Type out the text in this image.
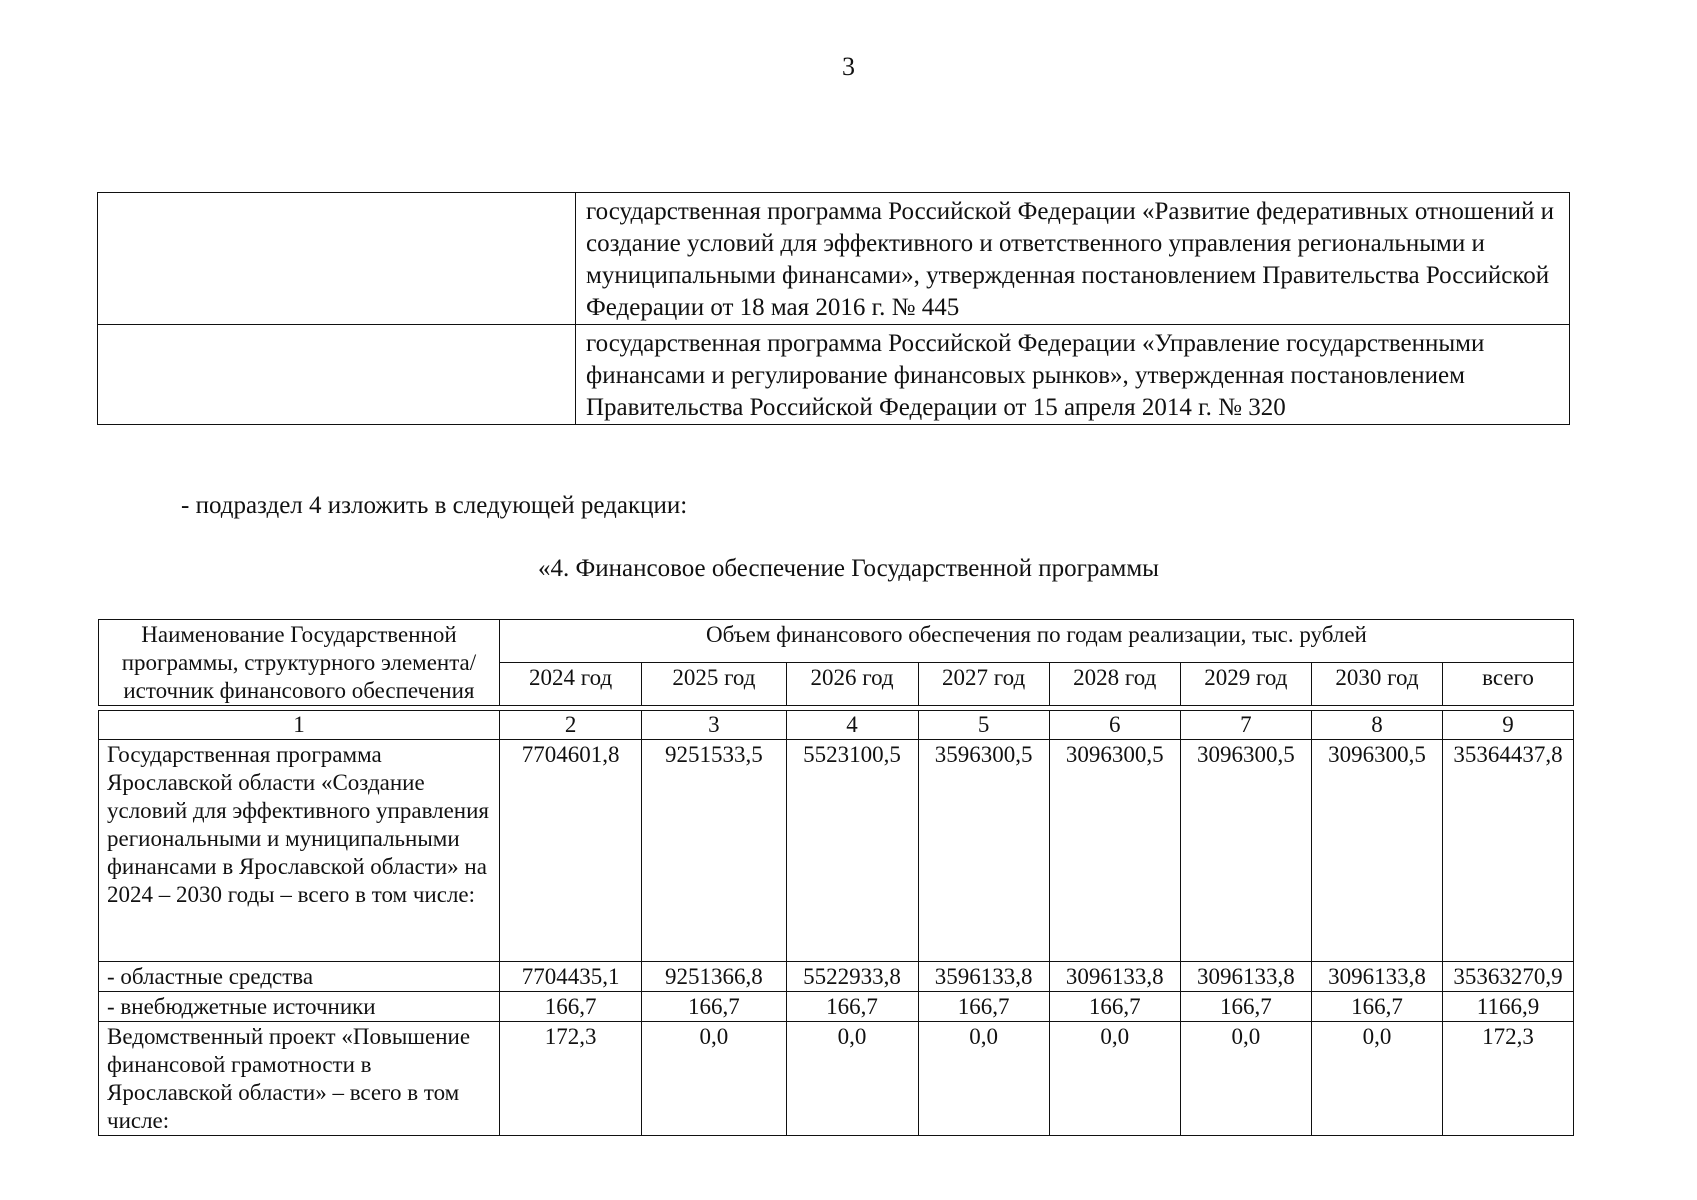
3
	государственная программа Российской Федерации «Развитие федеративных отношений и создание условий для эффективного и ответственного управления региональными и муниципальными финансами», утвержденная постановлением Правительства Российской Федерации от 18 мая 2016 г. № 445
	государственная программа Российской Федерации «Управление государственными финансами и регулирование финансовых рынков», утвержденная постановлением Правительства Российской Федерации от 15 апреля 2014 г. № 320
- подраздел 4 изложить в следующей редакции:
«4. Финансовое обеспечение Государственной программы
Наименование Государственной программы, структурного элемента/ источник финансового обеспечения	Объем финансового обеспечения по годам реализации, тыс. рублей							
	2024 год	2025 год	2026 год	2027 год	2028 год	2029 год	2030 год	всего

1	2	3	4	5	6	7	8	9
Государственная программа Ярославской области «Создание условий для эффективного управления региональными и муниципальными финансами в Ярославской области» на 2024 – 2030 годы – всего в том числе:	7704601,8	9251533,5	5523100,5	3596300,5	3096300,5	3096300,5	3096300,5	35364437,8
- областные средства	7704435,1	9251366,8	5522933,8	3596133,8	3096133,8	3096133,8	3096133,8	35363270,9
- внебюджетные источники	166,7	166,7	166,7	166,7	166,7	166,7	166,7	1166,9
Ведомственный проект «Повышение финансовой грамотности в Ярославской области» – всего в том числе:	172,3	0,0	0,0	0,0	0,0	0,0	0,0	172,3
